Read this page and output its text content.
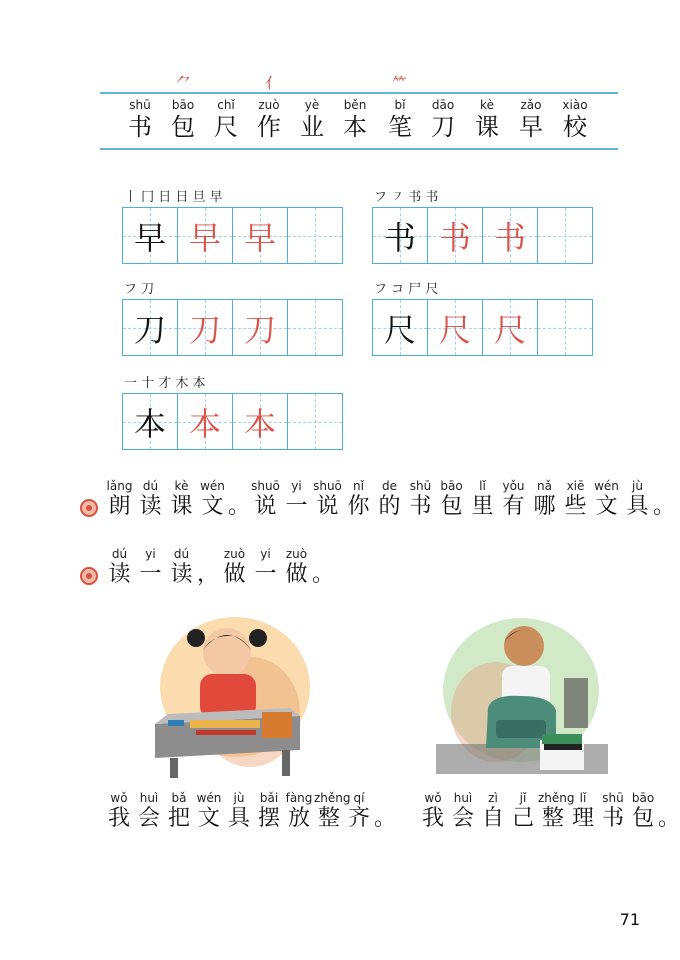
⺈	亻	⺮
shū
书
bāo
包
chǐ
尺
zuò
作
yè
业
běn
本
bǐ
笔
dāo
刀
kè
课
zǎo
早
xiào
校
丨 冂 日 日 旦 早
早 早 早
フ ㇇ 书 书
书 书 书
フ 刀
刀 刀 刀
フ コ 尸 尺
尺 尺 尺
一 十 才 木 本
本 本 本
lǎng
朗
dú
读
kè
课
wén
文 。
shuō
说
yi
一
shuō
说
nǐ
你
de
的
shū
书
bāo
包
lǐ
里
yǒu
有
nǎ
哪
xiē
些
wén
文
jù
具 。
dú
读
yi
一
dú
读 ，
zuò
做
yi
一
zuò
做 。
wǒ
我
huì
会
bǎ
把
wén
文
jù
具
bǎi
摆
fàng
放
zhěng
整
qí
齐 。
wǒ
我
huì
会
zì
自
jǐ
己
zhěng
整
lǐ
理
shū
书
bāo
包 。
71
